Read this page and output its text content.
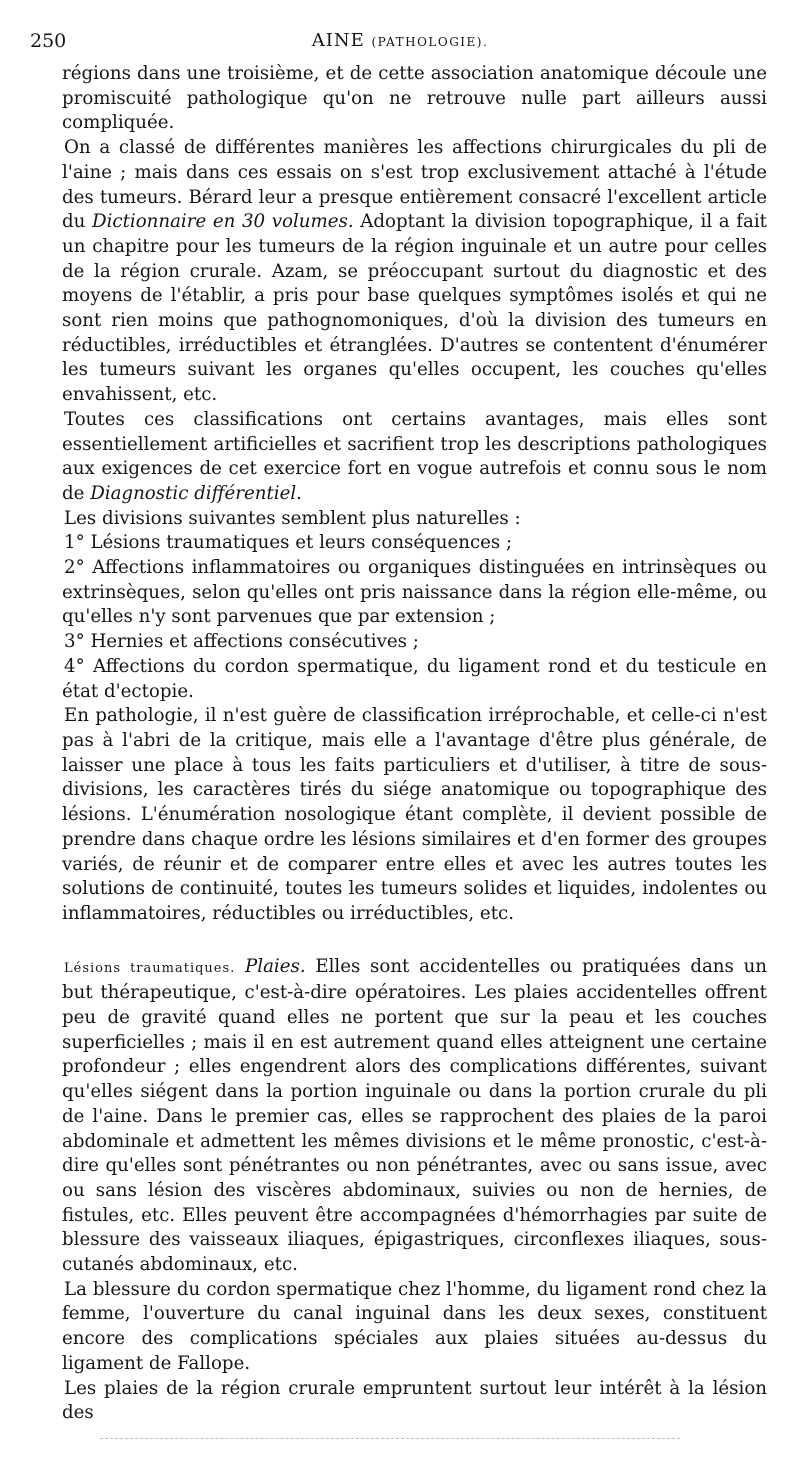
250	AINE (PATHOLOGIE).

régions dans une troisième, et de cette association anatomique découle une promiscuité pathologique qu'on ne retrouve nulle part ailleurs aussi compliquée.

On a classé de différentes manières les affections chirurgicales du pli de l'aine ; mais dans ces essais on s'est trop exclusivement attaché à l'étude des tumeurs. Bérard leur a presque entièrement consacré l'excellent article du Dictionnaire en 30 volumes. Adoptant la division topographique, il a fait un chapitre pour les tumeurs de la région inguinale et un autre pour celles de la région crurale. Azam, se préoccupant surtout du diagnostic et des moyens de l'établir, a pris pour base quelques symptômes isolés et qui ne sont rien moins que pathognomoniques, d'où la division des tumeurs en réductibles, irréductibles et étranglées. D'autres se contentent d'énumérer les tumeurs suivant les organes qu'elles occupent, les couches qu'elles envahissent, etc.

Toutes ces classifications ont certains avantages, mais elles sont essentiellement artificielles et sacrifient trop les descriptions pathologiques aux exigences de cet exercice fort en vogue autrefois et connu sous le nom de Diagnostic différentiel.

Les divisions suivantes semblent plus naturelles :

1° Lésions traumatiques et leurs conséquences ;

2° Affections inflammatoires ou organiques distinguées en intrinsèques ou extrinsèques, selon qu'elles ont pris naissance dans la région elle-même, ou qu'elles n'y sont parvenues que par extension ;

3° Hernies et affections consécutives ;

4° Affections du cordon spermatique, du ligament rond et du testicule en état d'ectopie.

En pathologie, il n'est guère de classification irréprochable, et celle-ci n'est pas à l'abri de la critique, mais elle a l'avantage d'être plus générale, de laisser une place à tous les faits particuliers et d'utiliser, à titre de sous-divisions, les caractères tirés du siége anatomique ou topographique des lésions. L'énumération nosologique étant complète, il devient possible de prendre dans chaque ordre les lésions similaires et d'en former des groupes variés, de réunir et de comparer entre elles et avec les autres toutes les solutions de continuité, toutes les tumeurs solides et liquides, indolentes ou inflammatoires, réductibles ou irréductibles, etc.

Lésions traumatiques. Plaies. Elles sont accidentelles ou pratiquées dans un but thérapeutique, c'est-à-dire opératoires. Les plaies accidentelles offrent peu de gravité quand elles ne portent que sur la peau et les couches superficielles ; mais il en est autrement quand elles atteignent une certaine profondeur ; elles engendrent alors des complications différentes, suivant qu'elles siégent dans la portion inguinale ou dans la portion crurale du pli de l'aine. Dans le premier cas, elles se rapprochent des plaies de la paroi abdominale et admettent les mêmes divisions et le même pronostic, c'est-à-dire qu'elles sont pénétrantes ou non pénétrantes, avec ou sans issue, avec ou sans lésion des viscères abdominaux, suivies ou non de hernies, de fistules, etc. Elles peuvent être accompagnées d'hémorrhagies par suite de blessure des vaisseaux iliaques, épigastriques, circonflexes iliaques, sous-cutanés abdominaux, etc.

La blessure du cordon spermatique chez l'homme, du ligament rond chez la femme, l'ouverture du canal inguinal dans les deux sexes, constituent encore des complications spéciales aux plaies situées au-dessus du ligament de Fallope.

Les plaies de la région crurale empruntent surtout leur intérêt à la lésion des
